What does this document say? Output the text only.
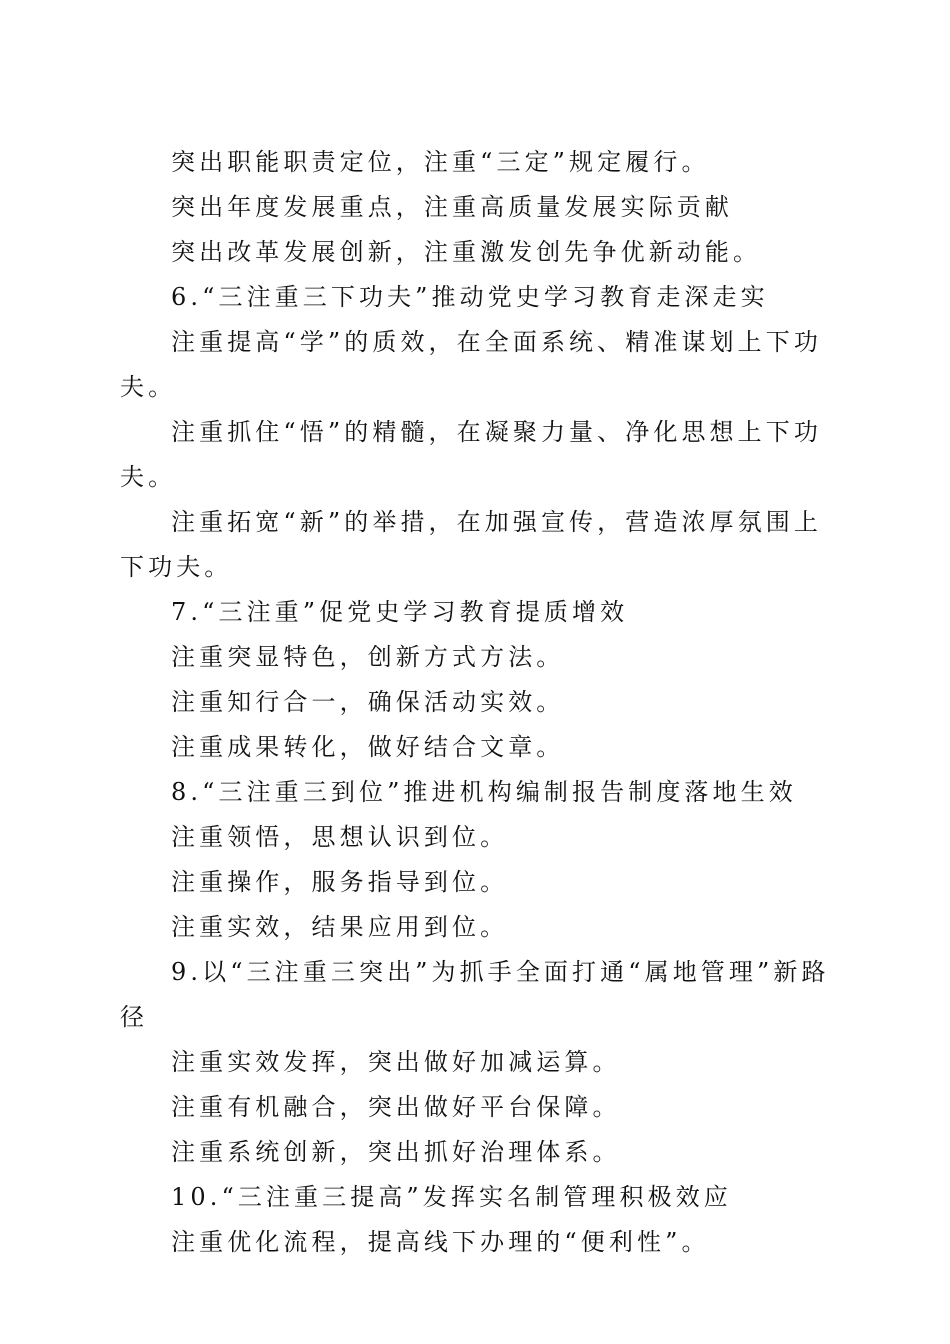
突出职能职责定位，注重“三定”规定履行。

突出年度发展重点，注重高质量发展实际贡献

突出改革发展创新，注重激发创先争优新动能。

6.“三注重三下功夫”推动党史学习教育走深走实

注重提高“学”的质效，在全面系统、精准谋划上下功夫。

注重抓住“悟”的精髓，在凝聚力量、净化思想上下功夫。

注重拓宽“新”的举措，在加强宣传，营造浓厚氛围上下功夫。

7.“三注重”促党史学习教育提质增效

注重突显特色，创新方式方法。

注重知行合一，确保活动实效。

注重成果转化，做好结合文章。

8.“三注重三到位”推进机构编制报告制度落地生效

注重领悟，思想认识到位。

注重操作，服务指导到位。

注重实效，结果应用到位。

9.以“三注重三突出”为抓手全面打通“属地管理”新路径

注重实效发挥，突出做好加减运算。

注重有机融合，突出做好平台保障。

注重系统创新，突出抓好治理体系。

10.“三注重三提高”发挥实名制管理积极效应

注重优化流程，提高线下办理的“便利性”。
